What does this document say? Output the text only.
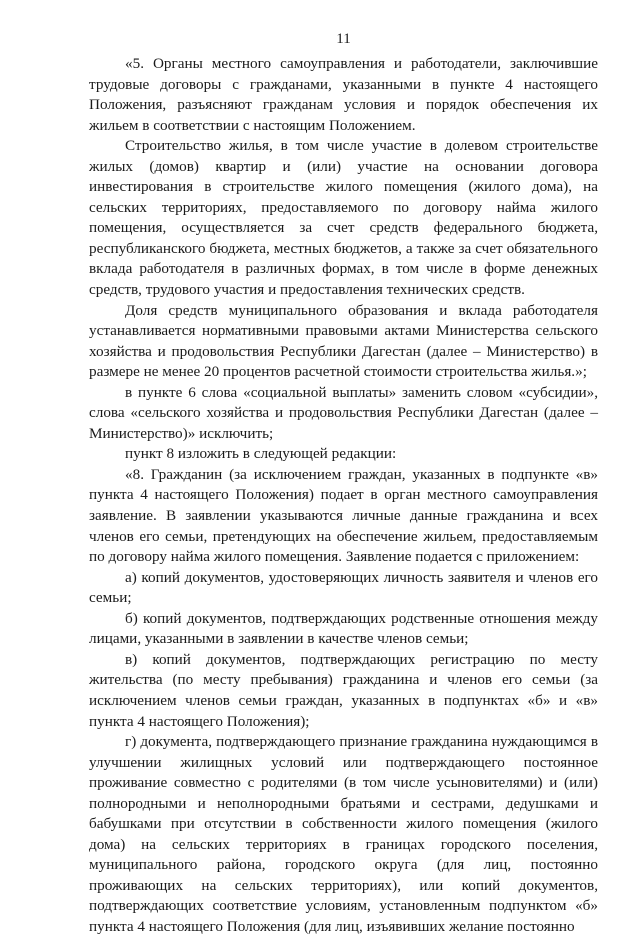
11

«5. Органы местного самоуправления и работодатели, заключившие трудовые договоры с гражданами, указанными в пункте 4 настоящего Положения, разъясняют гражданам условия и порядок обеспечения их жильем в соответствии с настоящим Положением.

Строительство жилья, в том числе участие в долевом строительстве жилых (домов) квартир и (или) участие на основании договора инвестирования в строительстве жилого помещения (жилого дома), на сельских территориях, предоставляемого по договору найма жилого помещения, осуществляется за счет средств федерального бюджета, республиканского бюджета, местных бюджетов, а также за счет обязательного вклада работодателя в различных формах, в том числе в форме денежных средств, трудового участия и предоставления технических средств.

Доля средств муниципального образования и вклада работодателя устанавливается нормативными правовыми актами Министерства сельского хозяйства и продовольствия Республики Дагестан (далее – Министерство) в размере не менее 20 процентов расчетной стоимости строительства жилья.»;

в пункте 6 слова «социальной выплаты» заменить словом «субсидии», слова «сельского хозяйства и продовольствия Республики Дагестан (далее – Министерство)» исключить;

пункт 8 изложить в следующей редакции:

«8. Гражданин (за исключением граждан, указанных в подпункте «в» пункта 4 настоящего Положения) подает в орган местного самоуправления заявление. В заявлении указываются личные данные гражданина и всех членов его семьи, претендующих на обеспечение жильем, предоставляемым по договору найма жилого помещения. Заявление подается с приложением:

а) копий документов, удостоверяющих личность заявителя и членов его семьи;

б) копий документов, подтверждающих родственные отношения между лицами, указанными в заявлении в качестве членов семьи;

в) копий документов, подтверждающих регистрацию по месту жительства (по месту пребывания) гражданина и членов его семьи (за исключением членов семьи граждан, указанных в подпунктах «б» и «в» пункта 4 настоящего Положения);

г) документа, подтверждающего признание гражданина нуждающимся в улучшении жилищных условий или подтверждающего постоянное проживание совместно с родителями (в том числе усыновителями) и (или) полнородными и неполнородными братьями и сестрами, дедушками и бабушками при отсутствии в собственности жилого помещения (жилого дома) на сельских территориях в границах городского поселения, муниципального района, городского округа (для лиц, постоянно проживающих на сельских территориях), или копий документов, подтверждающих соответствие условиям, установленным подпунктом «б» пункта 4 настоящего Положения (для лиц, изъявивших желание постоянно
